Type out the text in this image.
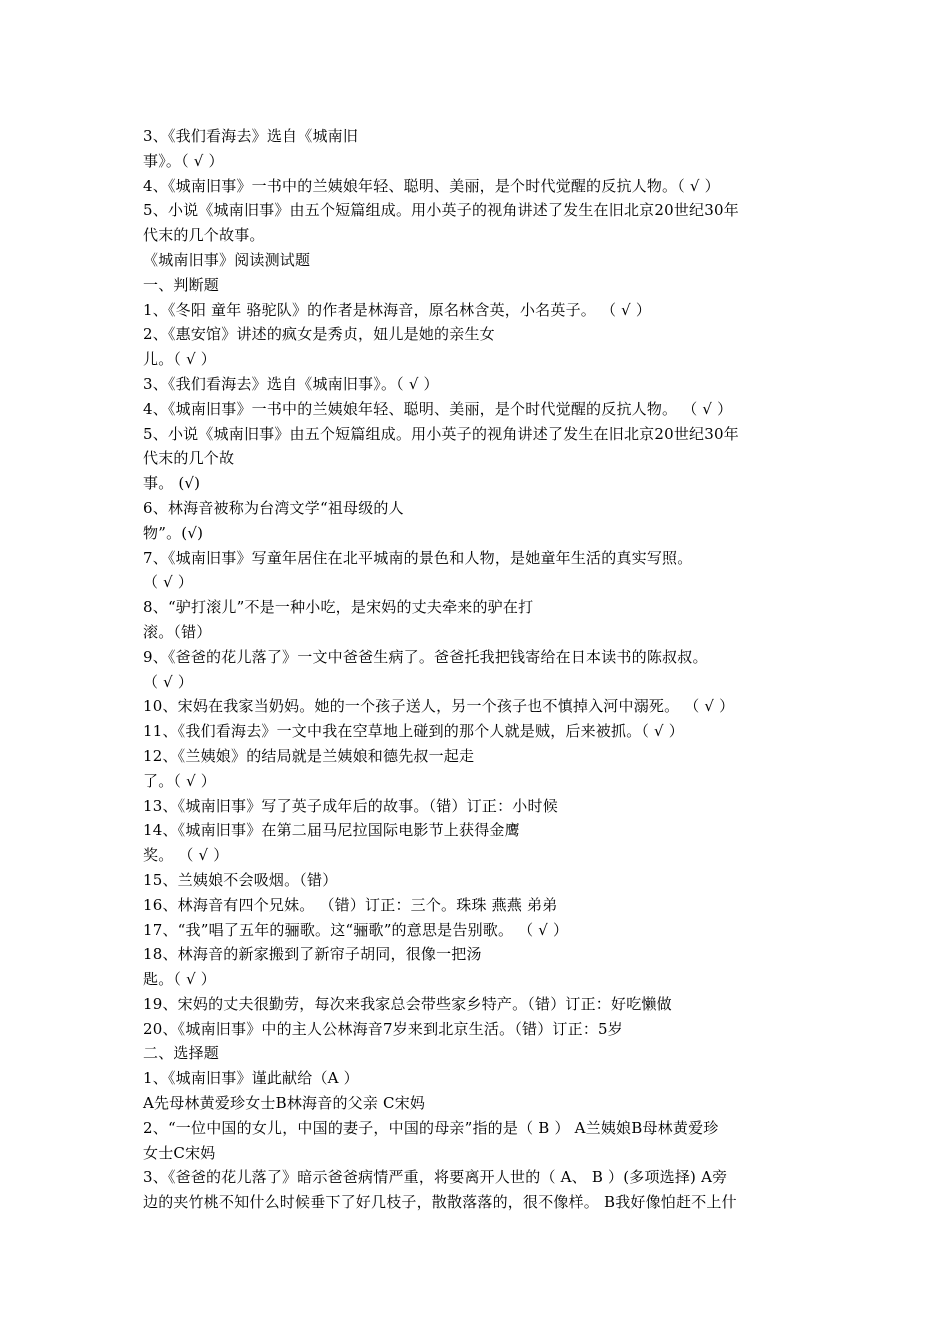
3、《我们看海去》选自《城南旧
事》。（ √ ）
4、《城南旧事》一书中的兰姨娘年轻、聪明、美丽，是个时代觉醒的反抗人物。（ √ ）
5、小说《城南旧事》由五个短篇组成。用小英子的视角讲述了发生在旧北京20世纪30年
代末的几个故事。
《城南旧事》阅读测试题
一、判断题
1、《冬阳 童年 骆驼队》的作者是林海音，原名林含英，小名英子。 （ √ ）
2、《惠安馆》讲述的疯女是秀贞，妞儿是她的亲生女
儿。（ √ ）
3、《我们看海去》选自《城南旧事》。（ √ ）
4、《城南旧事》一书中的兰姨娘年轻、聪明、美丽，是个时代觉醒的反抗人物。 （ √ ）
5、小说《城南旧事》由五个短篇组成。用小英子的视角讲述了发生在旧北京20世纪30年
代末的几个故
事。 (√)
6、林海音被称为台湾文学“祖母级的人
物”。(√)
7、《城南旧事》写童年居住在北平城南的景色和人物，是她童年生活的真实写照。
（ √ ）
8、“驴打滚儿”不是一种小吃，是宋妈的丈夫牵来的驴在打
滚。（错）
9、《爸爸的花儿落了》一文中爸爸生病了。爸爸托我把钱寄给在日本读书的陈叔叔。
（ √ ）
10、宋妈在我家当奶妈。她的一个孩子送人，另一个孩子也不慎掉入河中溺死。 （ √ ）
11、《我们看海去》一文中我在空草地上碰到的那个人就是贼，后来被抓。（ √ ）
12、《兰姨娘》的结局就是兰姨娘和德先叔一起走
了。（ √ ）
13、《城南旧事》写了英子成年后的故事。（错）订正：小时候
14、《城南旧事》在第二届马尼拉国际电影节上获得金鹰
奖。 （ √ ）
15、兰姨娘不会吸烟。（错）
16、林海音有四个兄妹。 （错）订正：三个。珠珠 燕燕 弟弟
17、“我”唱了五年的骊歌。这“骊歌”的意思是告别歌。 （ √ ）
18、林海音的新家搬到了新帘子胡同，很像一把汤
匙。（ √ ）
19、宋妈的丈夫很勤劳，每次来我家总会带些家乡特产。（错）订正：好吃懒做
20、《城南旧事》中的主人公林海音7岁来到北京生活。（错）订正：5岁
二、选择题
1、《城南旧事》谨此献给（A ）
A先母林黄爱珍女士B林海音的父亲 C宋妈
2、“一位中国的女儿，中国的妻子，中国的母亲”指的是（ B ） A兰姨娘B母林黄爱珍
女士C宋妈
3、《爸爸的花儿落了》暗示爸爸病情严重，将要离开人世的（ A、 B ）(多项选择) A旁
边的夹竹桃不知什么时候垂下了好几枝子，散散落落的，很不像样。 B我好像怕赶不上什
